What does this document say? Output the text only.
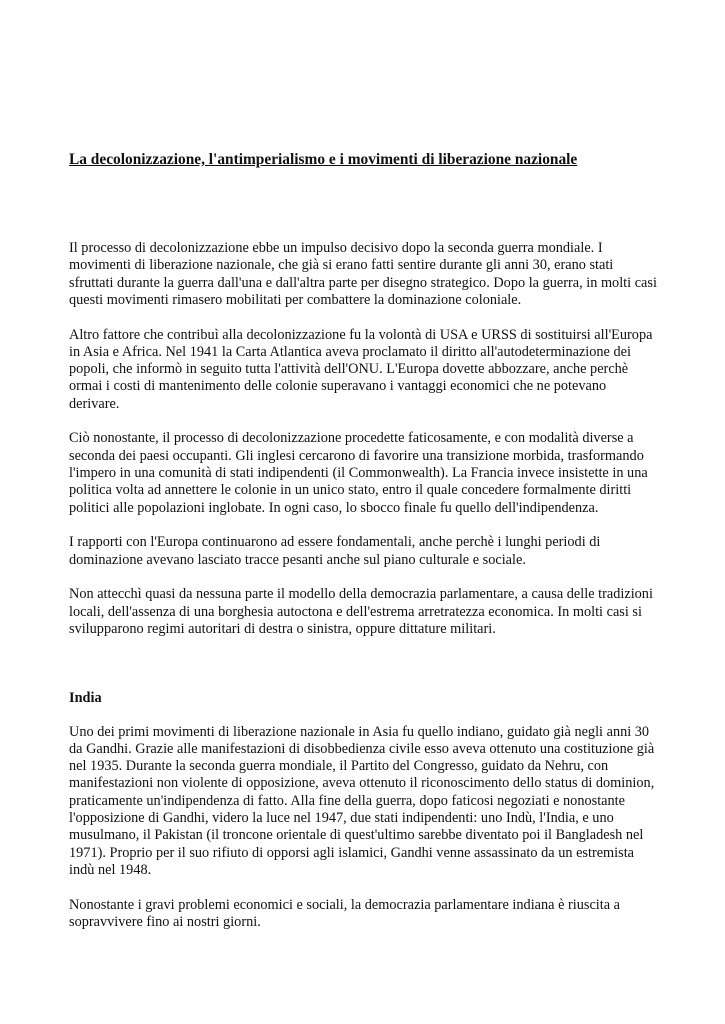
La decolonizzazione, l'antimperialismo e i movimenti di liberazione nazionale

Il processo di decolonizzazione ebbe un impulso decisivo dopo la seconda guerra mondiale. I movimenti di liberazione nazionale, che già si erano fatti sentire durante gli anni 30, erano stati sfruttati durante la guerra dall'una e dall'altra parte per disegno strategico. Dopo la guerra, in molti casi questi movimenti rimasero mobilitati per combattere la dominazione coloniale.

Altro fattore che contribuì alla decolonizzazione fu la volontà di USA e URSS di sostituirsi all'Europa in Asia e Africa. Nel 1941 la Carta Atlantica aveva proclamato il diritto all'autodeterminazione dei popoli, che informò in seguito tutta l'attività dell'ONU. L'Europa dovette abbozzare, anche perchè ormai i costi di mantenimento delle colonie superavano i vantaggi economici che ne potevano derivare.

Ciò nonostante, il processo di decolonizzazione procedette faticosamente, e con modalità diverse a seconda dei paesi occupanti. Gli inglesi cercarono di favorire una transizione morbida, trasformando l'impero in una comunità di stati indipendenti (il Commonwealth). La Francia invece insistette in una politica volta ad annettere le colonie in un unico stato, entro il quale concedere formalmente diritti politici alle popolazioni inglobate. In ogni caso, lo sbocco finale fu quello dell'indipendenza.

I rapporti con l'Europa continuarono ad essere fondamentali, anche perchè i lunghi periodi di dominazione avevano lasciato tracce pesanti anche sul piano culturale e sociale.

Non attecchì quasi da nessuna parte il modello della democrazia parlamentare, a causa delle tradizioni locali, dell'assenza di una borghesia autoctona e dell'estrema arretratezza economica. In molti casi si svilupparono regimi autoritari di destra o sinistra, oppure dittature militari.

India

Uno dei primi movimenti di liberazione nazionale in Asia fu quello indiano, guidato già negli anni 30 da Gandhi. Grazie alle manifestazioni di disobbedienza civile esso aveva ottenuto una costituzione già nel 1935. Durante la seconda guerra mondiale, il Partito del Congresso, guidato da Nehru, con manifestazioni non violente di opposizione, aveva ottenuto il riconoscimento dello status di dominion, praticamente un'indipendenza di fatto. Alla fine della guerra, dopo faticosi negoziati e nonostante l'opposizione di Gandhi, videro la luce nel 1947, due stati indipendenti: uno Indù, l'India, e uno musulmano, il Pakistan (il troncone orientale di quest'ultimo sarebbe diventato poi il Bangladesh nel 1971). Proprio per il suo rifiuto di opporsi agli islamici, Gandhi venne assassinato da un estremista indù nel 1948.

Nonostante i gravi problemi economici e sociali, la democrazia parlamentare indiana è riuscita a sopravvivere fino ai nostri giorni.
